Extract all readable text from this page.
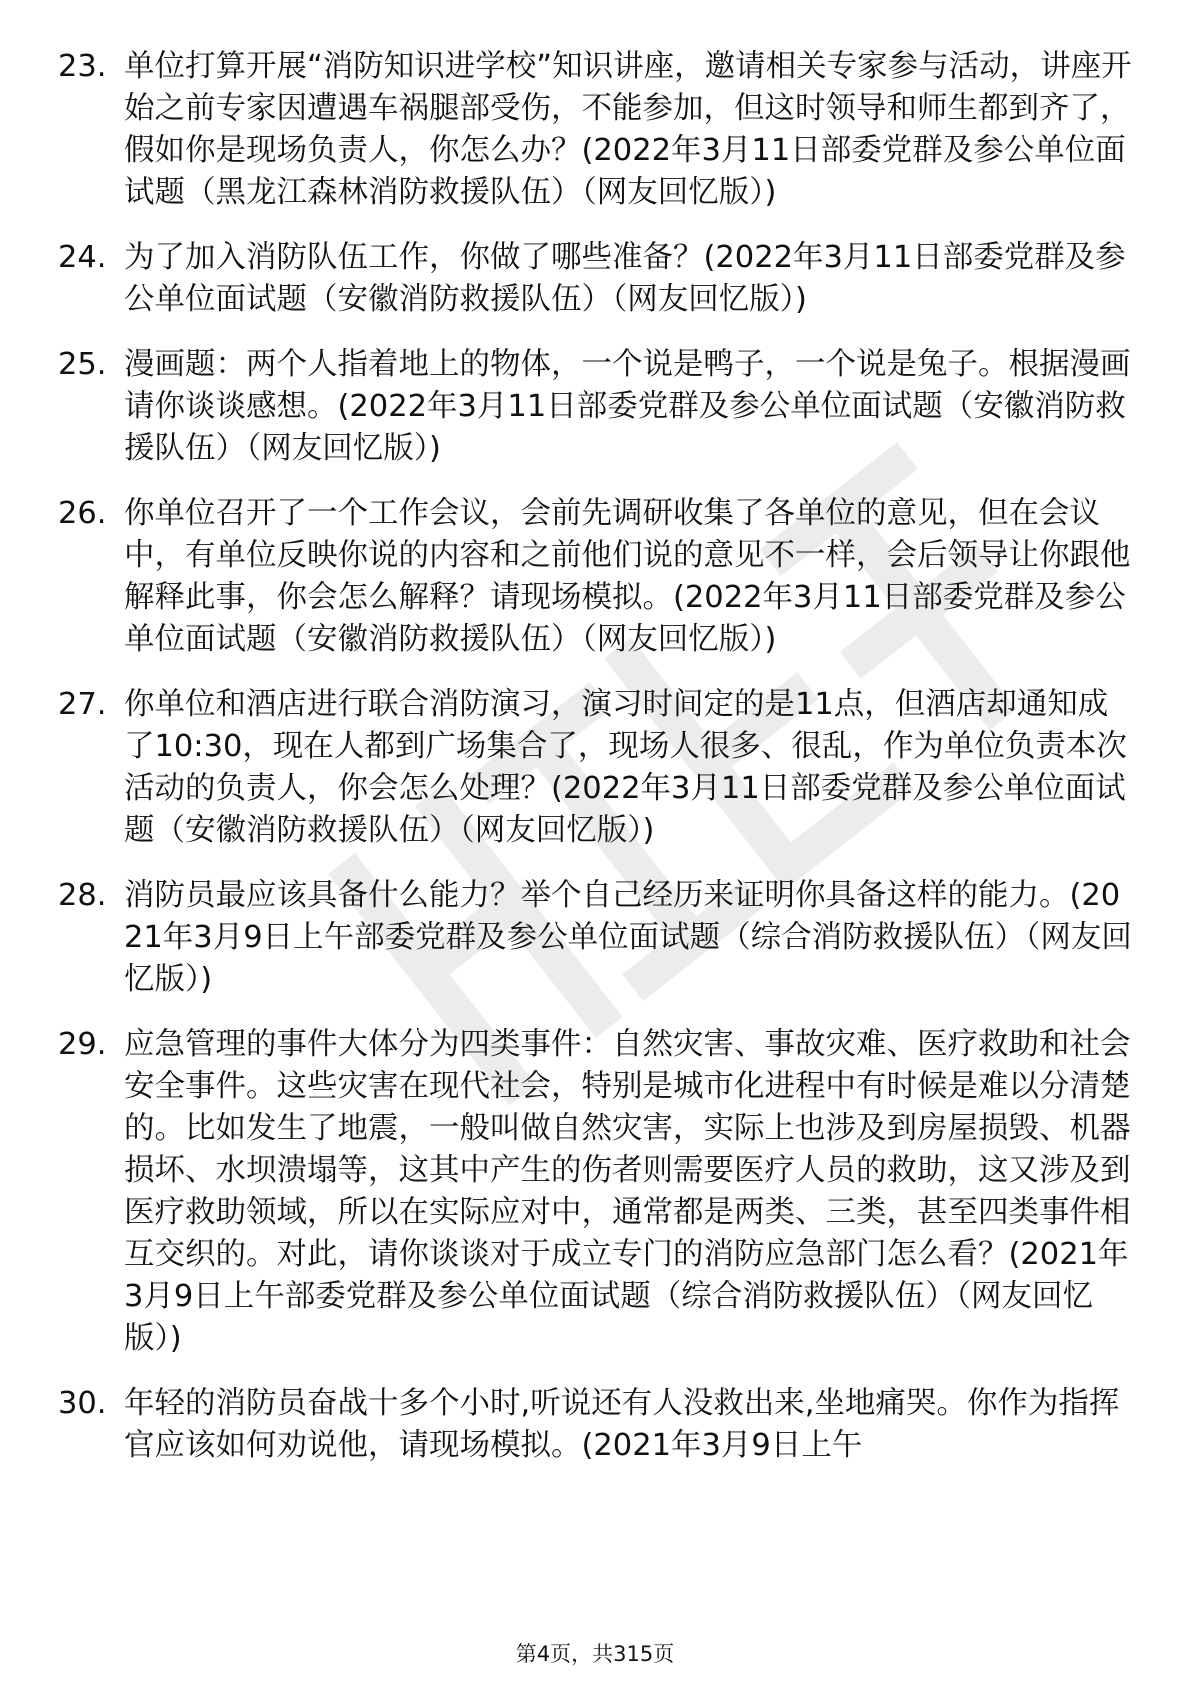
23. 单位打算开展“消防知识进学校”知识讲座，邀请相关专家参与活动，讲座开始之前专家因遭遇车祸腿部受伤，不能参加，但这时领导和师生都到齐了，假如你是现场负责人，你怎么办？(2022年3月11日部委党群及参公单位面试题（黑龙江森林消防救援队伍）（网友回忆版）)
24. 为了加入消防队伍工作，你做了哪些准备？(2022年3月11日部委党群及参公单位面试题（安徽消防救援队伍）（网友回忆版）)
25. 漫画题：两个人指着地上的物体，一个说是鸭子，一个说是兔子。根据漫画请你谈谈感想。(2022年3月11日部委党群及参公单位面试题（安徽消防救援队伍）（网友回忆版）)
26. 你单位召开了一个工作会议，会前先调研收集了各单位的意见，但在会议中，有单位反映你说的内容和之前他们说的意见不一样，会后领导让你跟他解释此事，你会怎么解释？请现场模拟。(2022年3月11日部委党群及参公单位面试题（安徽消防救援队伍）（网友回忆版）)
27. 你单位和酒店进行联合消防演习，演习时间定的是11点，但酒店却通知成了10:30，现在人都到广场集合了，现场人很多、很乱，作为单位负责本次活动的负责人，你会怎么处理？(2022年3月11日部委党群及参公单位面试题（安徽消防救援队伍）（网友回忆版）)
28. 消防员最应该具备什么能力？举个自己经历来证明你具备这样的能力。(2021年3月9日上午部委党群及参公单位面试题（综合消防救援队伍）（网友回忆版）)
29. 应急管理的事件大体分为四类事件：自然灾害、事故灾难、医疗救助和社会安全事件。这些灾害在现代社会，特别是城市化进程中有时候是难以分清楚的。比如发生了地震，一般叫做自然灾害，实际上也涉及到房屋损毁、机器损坏、水坝溃塌等，这其中产生的伤者则需要医疗人员的救助，这又涉及到医疗救助领域，所以在实际应对中，通常都是两类、三类，甚至四类事件相互交织的。对此，请你谈谈对于成立专门的消防应急部门怎么看？(2021年3月9日上午部委党群及参公单位面试题（综合消防救援队伍）（网友回忆版）)
30. 年轻的消防员奋战十多个小时,听说还有人没救出来,坐地痛哭。你作为指挥官应该如何劝说他，请现场模拟。(2021年3月9日上午
第4页，共315页
